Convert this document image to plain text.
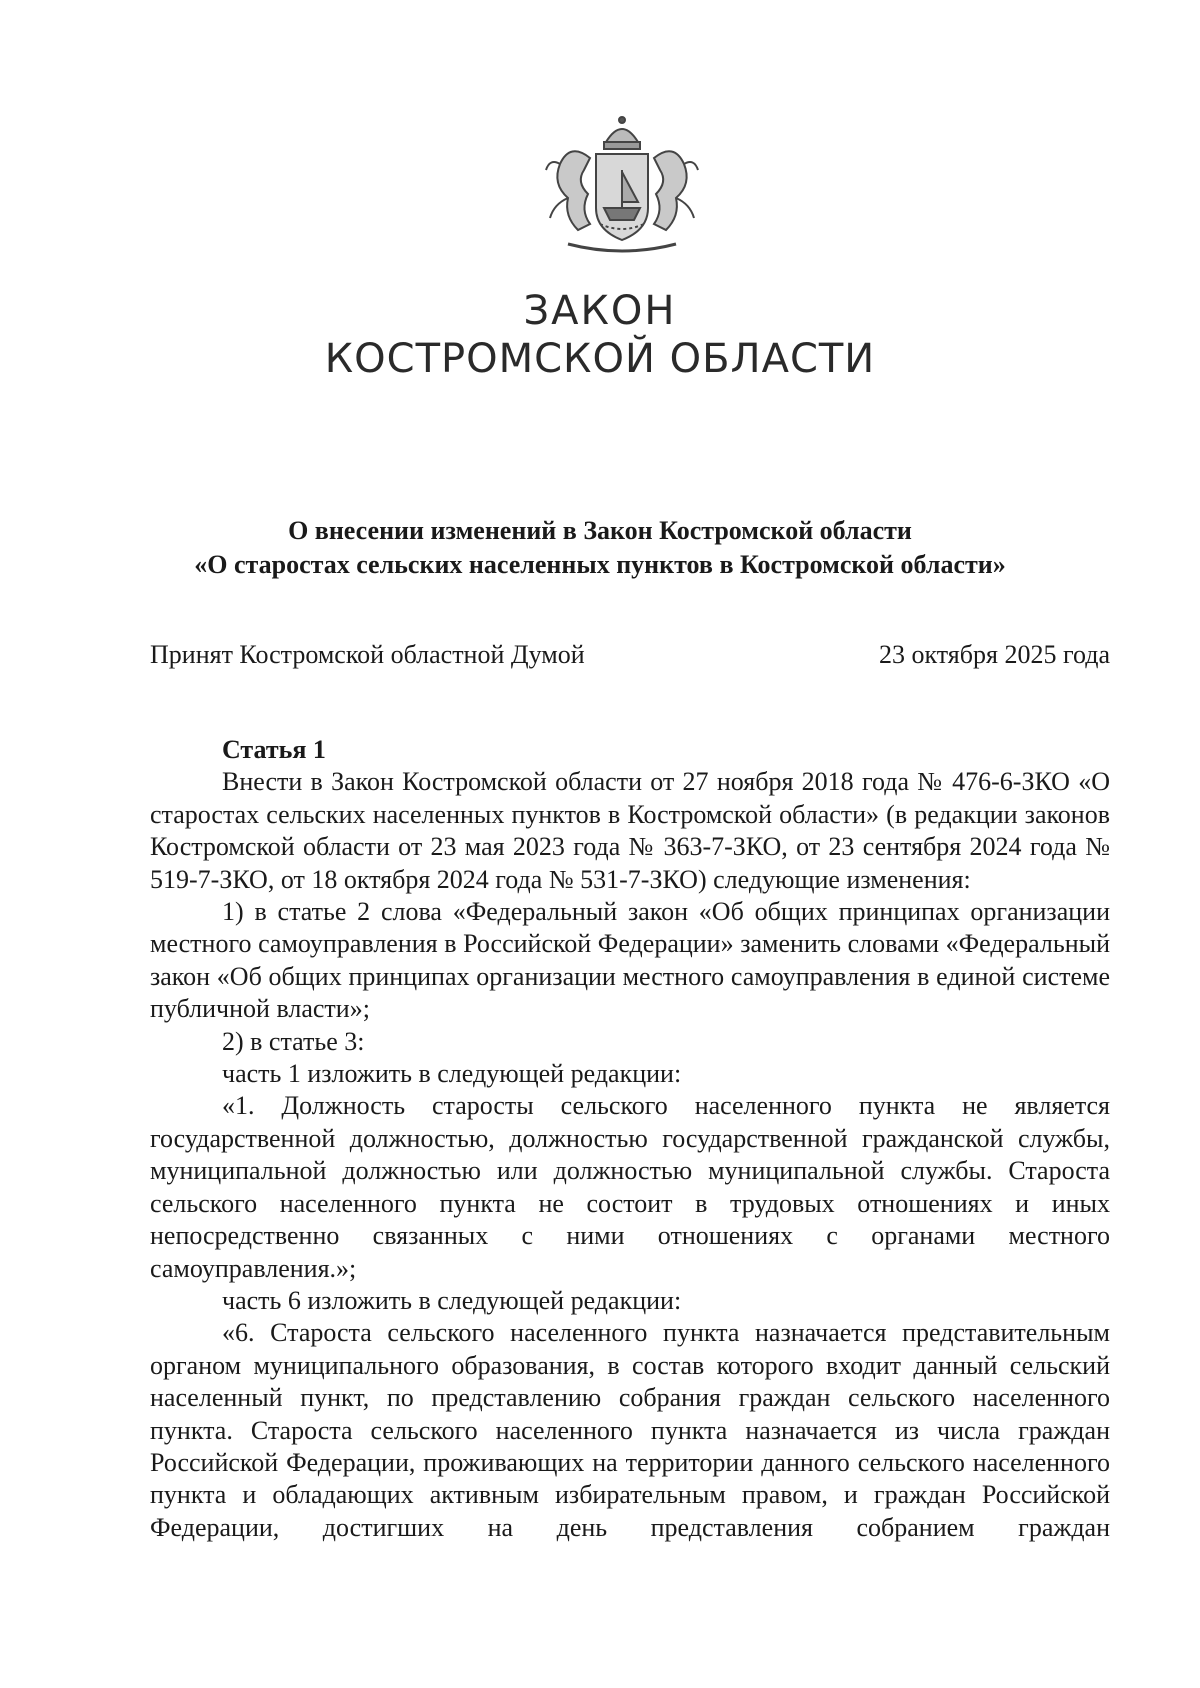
ЗАКОН
КОСТРОМСКОЙ ОБЛАСТИ
О внесении изменений в Закон Костромской области
«О старостах сельских населенных пунктов в Костромской области»
Принят Костромской областной Думой	23 октября 2025 года

Статья 1

Внести в Закон Костромской области от 27 ноября 2018 года № 476-6-ЗКО «О старостах сельских населенных пунктов в Костромской области» (в редакции законов Костромской области от 23 мая 2023 года № 363-7-ЗКО, от 23 сентября 2024 года № 519-7-ЗКО, от 18 октября 2024 года № 531-7-ЗКО) следующие изменения:

1) в статье 2 слова «Федеральный закон «Об общих принципах организации местного самоуправления в Российской Федерации» заменить словами «Федеральный закон «Об общих принципах организации местного самоуправления в единой системе публичной власти»;

2) в статье 3:

часть 1 изложить в следующей редакции:

«1. Должность старосты сельского населенного пункта не является государственной должностью, должностью государственной гражданской службы, муниципальной должностью или должностью муниципальной службы. Староста сельского населенного пункта не состоит в трудовых отношениях и иных непосредственно связанных с ними отношениях с органами местного самоуправления.»;

часть 6 изложить в следующей редакции:

«6. Староста сельского населенного пункта назначается представительным органом муниципального образования, в состав которого входит данный сельский населенный пункт, по представлению собрания граждан сельского населенного пункта. Староста сельского населенного пункта назначается из числа граждан Российской Федерации, проживающих на территории данного сельского населенного пункта и обладающих активным избирательным правом, и граждан Российской Федерации, достигших на день представления собранием граждан
